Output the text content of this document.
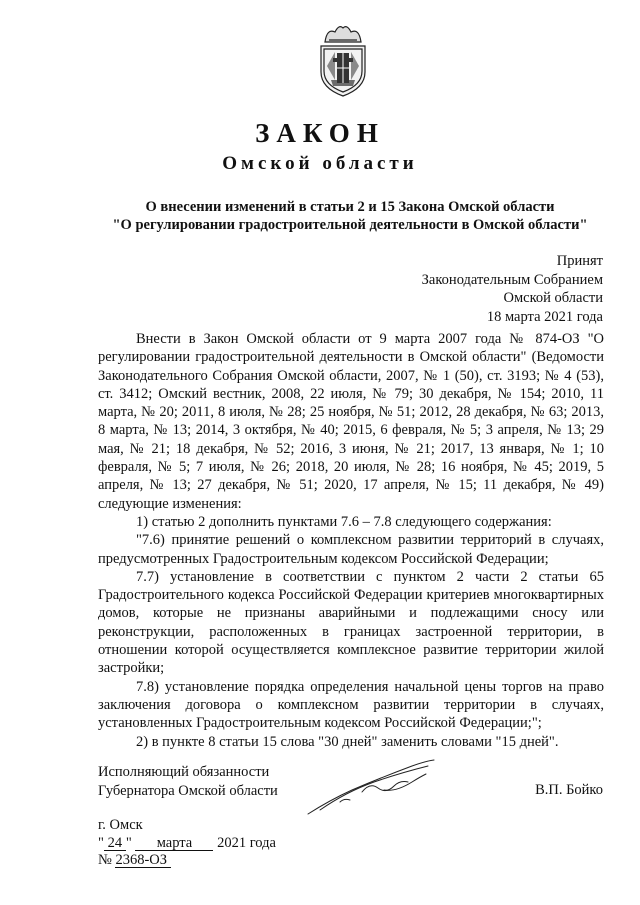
ЗАКОН
Омской области
О внесении изменений в статьи 2 и 15 Закона Омской области
"О регулировании градостроительной деятельности в Омской области"
Принят
Законодательным Собранием
Омской области
18 марта 2021 года

Внести в Закон Омской области от 9 марта 2007 года № 874-ОЗ "О регулировании градостроительной деятельности в Омской области" (Ведомости Законодательного Собрания Омской области, 2007, № 1 (50), ст. 3193; № 4 (53), ст. 3412; Омский вестник, 2008, 22 июля, № 79; 30 декабря, № 154; 2010, 11 марта, № 20; 2011, 8 июля, № 28; 25 ноября, № 51; 2012, 28 декабря, № 63; 2013, 8 марта, № 13; 2014, 3 октября, № 40; 2015, 6 февраля, № 5; 3 апреля, № 13; 29 мая, № 21; 18 декабря, № 52; 2016, 3 июня, № 21; 2017, 13 января, № 1; 10 февраля, № 5; 7 июля, № 26; 2018, 20 июля, № 28; 16 ноября, № 45; 2019, 5 апреля, № 13; 27 декабря, № 51; 2020, 17 апреля, № 15; 11 декабря, № 49) следующие изменения:

1) статью 2 дополнить пунктами 7.6 – 7.8 следующего содержания:

"7.6) принятие решений о комплексном развитии территорий в случаях, предусмотренных Градостроительным кодексом Российской Федерации;

7.7) установление в соответствии с пунктом 2 части 2 статьи 65 Градостроительного кодекса Российской Федерации критериев многоквартирных домов, которые не признаны аварийными и подлежащими сносу или реконструкции, расположенных в границах застроенной территории, в отношении которой осуществляется комплексное развитие территории жилой застройки;

7.8) установление порядка определения начальной цены торгов на право заключения договора о комплексном развитии территории в случаях, установленных Градостроительным кодексом Российской Федерации;";

2) в пункте 8 статьи 15 слова "30 дней" заменить словами "15 дней".

Исполняющий обязанности
Губернатора Омской области	В.П. Бойко
г. Омск
" 24 " марта 2021 года
№ 2368-ОЗ
